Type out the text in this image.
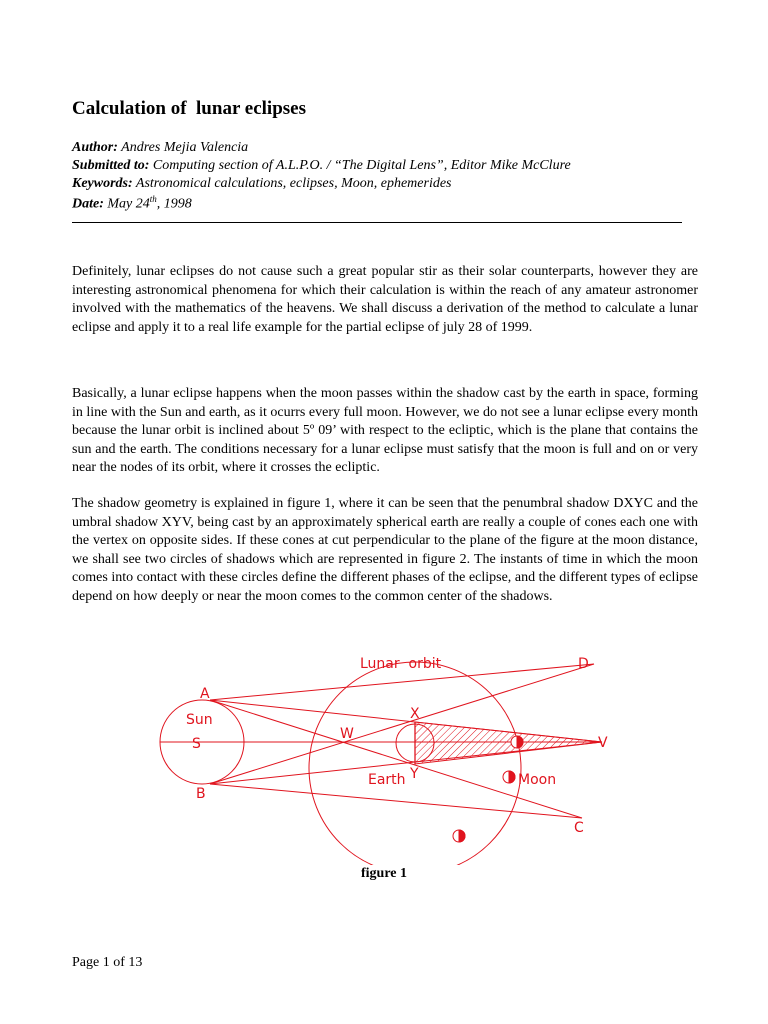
Calculation of  lunar eclipses
Author: Andres Mejia Valencia
Submitted to: Computing section of A.L.P.O. / “The Digital Lens”, Editor Mike McClure
Keywords: Astronomical calculations, eclipses, Moon, ephemerides
Date: May 24th, 1998
Definitely, lunar eclipses do not cause such a great popular stir as their solar counterparts, however they are interesting astronomical phenomena for which their calculation is within the reach of any amateur astronomer involved with the mathematics of the heavens. We shall discuss a derivation of the method to calculate a lunar eclipse and apply it to a real life example for the partial eclipse of july 28 of 1999.
Basically, a lunar eclipse happens when the moon passes within the shadow cast by the earth in space, forming in line with the Sun and earth, as it ocurrs every full moon. However, we do not see a lunar eclipse every month because the lunar orbit is inclined about 5º 09’ with respect to the ecliptic, which is the plane that contains the sun and the earth. The conditions necessary for a lunar eclipse must satisfy that the moon is full and on or very near the nodes of its orbit, where it crosses the ecliptic.
The shadow geometry is explained in figure 1, where it can be seen that the penumbral shadow DXYC and the umbral shadow XYV, being cast by an approximately spherical earth are really a couple of cones each one with the vertex on opposite sides. If these cones at cut perpendicular to the plane of the figure at the moon distance, we shall see two circles of shadows which are represented in figure 2. The instants of time in which the moon comes into contact with these circles define the different phases of the eclipse, and the different types of eclipse depend on how deeply or near the moon comes to the common center of the shadows.
Lunar  orbit
Sun
Earth	Moon
A
B
C
D
S	V
W
X
Y
figure 1
Page 1 of 13
